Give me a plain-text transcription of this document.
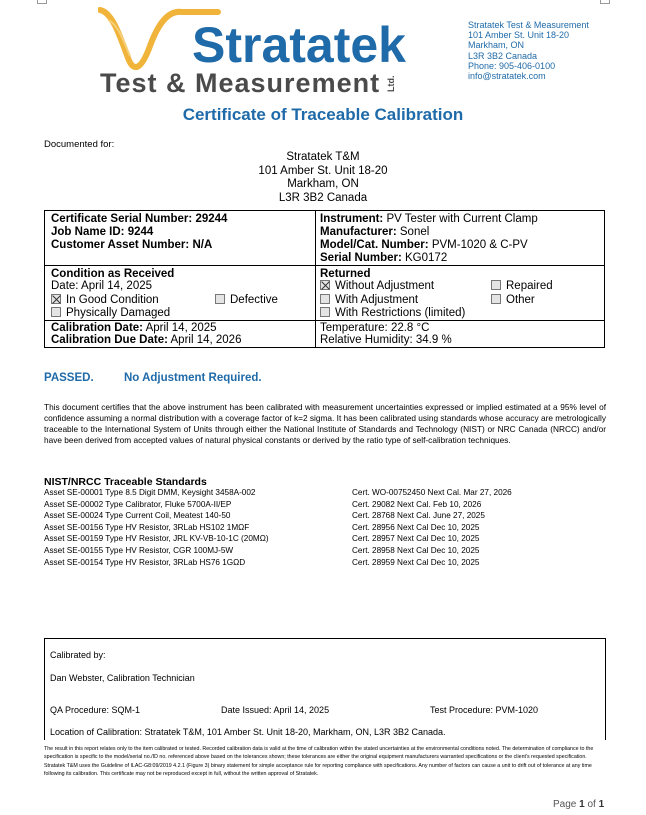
Stratatek
Test & Measurement Ltd.
Stratatek Test & Measurement
101 Amber St. Unit 18-20
Markham, ON
L3R 3B2 Canada
Phone: 905-406-0100
info@stratatek.com
Certificate of Traceable Calibration
Documented for:
Stratatek T&M
101 Amber St. Unit 18-20
Markham, ON
L3R 3B2 Canada
Certificate Serial Number: 29244
Job Name ID: 9244
Customer Asset Number: N/A
Instrument: PV Tester with Current Clamp
Manufacturer: Sonel
Model/Cat. Number: PVM-1020 & C-PV
Serial Number: KG0172
Condition as Received
Date: April 14, 2025
In Good Condition	Defective
Physically Damaged
Returned
Without Adjustment	Repaired
With Adjustment	Other
With Restrictions (limited)
Calibration Date: April 14, 2025
Calibration Due Date: April 14, 2026
Temperature: 22.8 °C
Relative Humidity: 34.9 %
PASSED.	No Adjustment Required.
This document certifies that the above instrument has been calibrated with measurement uncertainties expressed or implied estimated at a 95% level of confidence assuming a normal distribution with a coverage factor of k=2 sigma. It has been calibrated using standards whose accuracy are metrologically traceable to the International System of Units through either the National Institute of Standards and Technology (NIST) or NRC Canada (NRCC) and/or have been derived from accepted values of natural physical constants or derived by the ratio type of self-calibration techniques.
NIST/NRCC Traceable Standards
Asset SE-00001 Type 8.5 Digit DMM, Keysight 3458A-002	Cert. WO-00752450 Next Cal. Mar 27, 2026
Asset SE-00002 Type Calibrator, Fluke 5700A-II/EP	Cert. 29082 Next Cal. Feb 10, 2026
Asset SE-00024 Type Current Coil, Meatest 140-50	Cert. 28768 Next Cal. June 27, 2025
Asset SE-00156 Type HV Resistor, 3RLab HS102 1MΩF	Cert. 28956 Next Cal Dec 10, 2025
Asset SE-00159 Type HV Resistor, JRL KV-VB-10-1C (20MΩ)	Cert. 28957 Next Cal Dec 10, 2025
Asset SE-00155 Type HV Resistor, CGR 100MJ-5W	Cert. 28958 Next Cal Dec 10, 2025
Asset SE-00154 Type HV Resistor, 3RLab HS76 1GΩD	Cert. 28959 Next Cal Dec 10, 2025
Calibrated by:
Dan Webster, Calibration Technician
QA Procedure: SQM-1	Date Issued: April 14, 2025	Test Procedure: PVM-1020
Location of Calibration: Stratatek T&M, 101 Amber St. Unit 18-20, Markham, ON, L3R 3B2 Canada.
The result in this report relates only to the item calibrated or tested. Recorded calibration data is valid at the time of calibration within the stated uncertainties at the environmental conditions noted. The determination of compliance to the specification is specific to the model/serial no./ID no. referenced above based on the tolerances shown; these tolerances are either the original equipment manufacturers warranted specifications or the client's requested specification. Stratatek T&M uses the Guideline of ILAC-G8:09/2019 4.2.1 (Figure 3) binary statement for simple acceptance rule for reporting compliance with specifications. Any number of factors can cause a unit to drift out of tolerance at any time following its calibration. This certificate may not be reproduced except in full, without the written approval of Stratatek.
Page 1 of 1
